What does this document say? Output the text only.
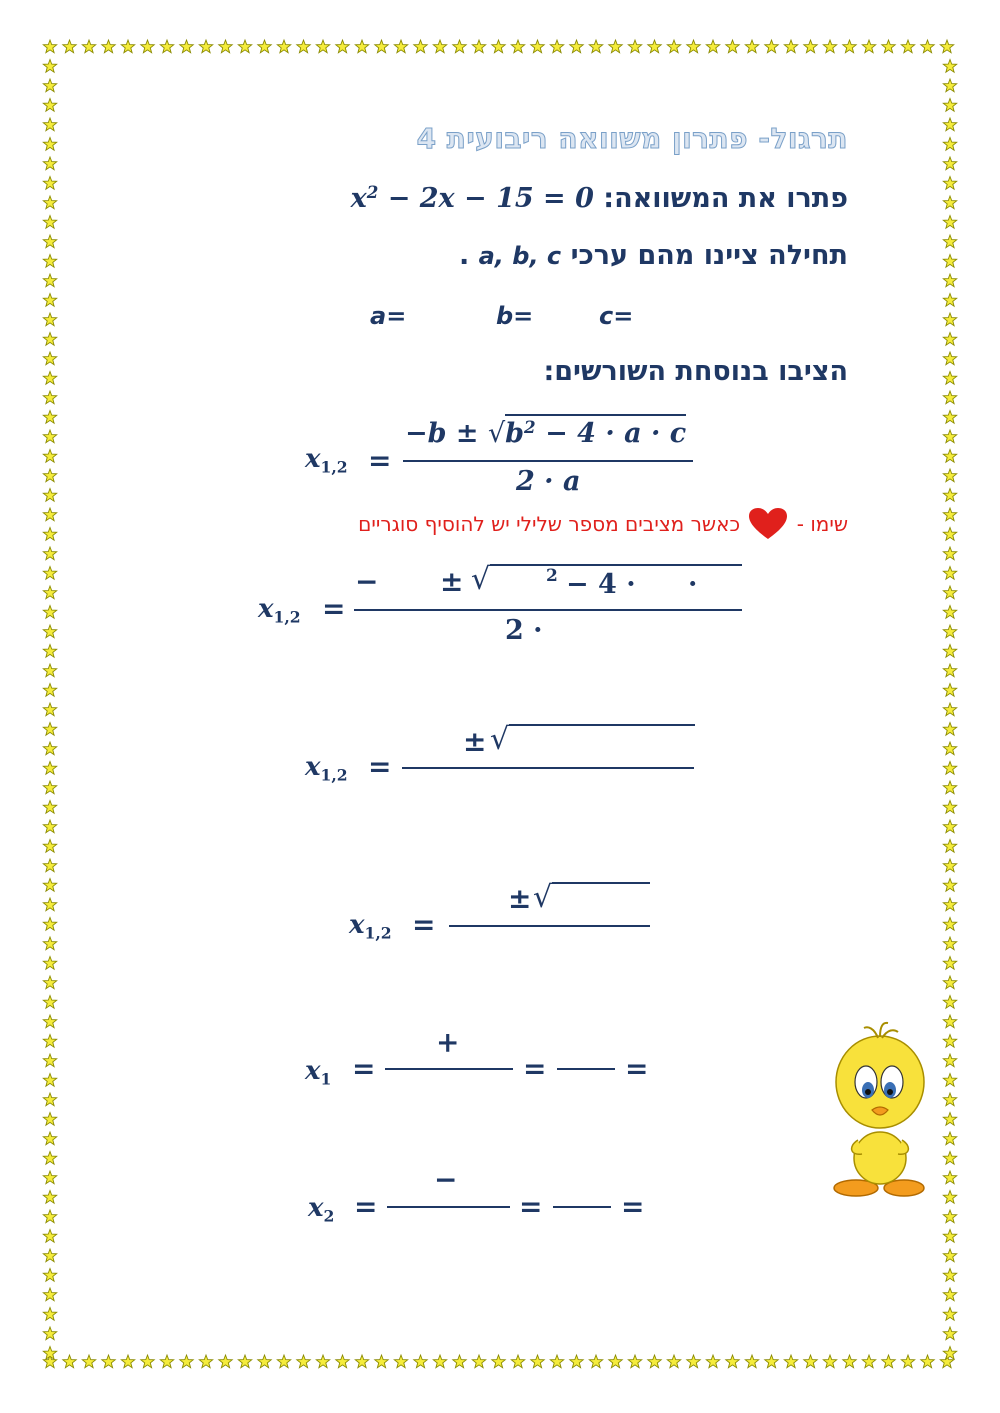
תרגול- פתרון משוואה ריבועית 4
פתרו את המשוואה: $x^2 - 2x - 15 = 0$
תחילה ציינו מהם ערכי a, b, c .
a=	b=	c=
הציבו בנוסחת השורשים:
$x_{1,2}$ =
$-b \pm √b^2 - 4 \cdot a \cdot c$
2 · a
שימו -
כאשר מציבים מספר שלילי יש להוסיף סוגריים
$x_{1,2}$ =
− ± √	2 − 4 · ·
2 ·
$x_{1,2}$ =
± √
$x_{1,2}$ =
± √
$x_1$ =
+
=	=
$x_2$ =
−
=	=
